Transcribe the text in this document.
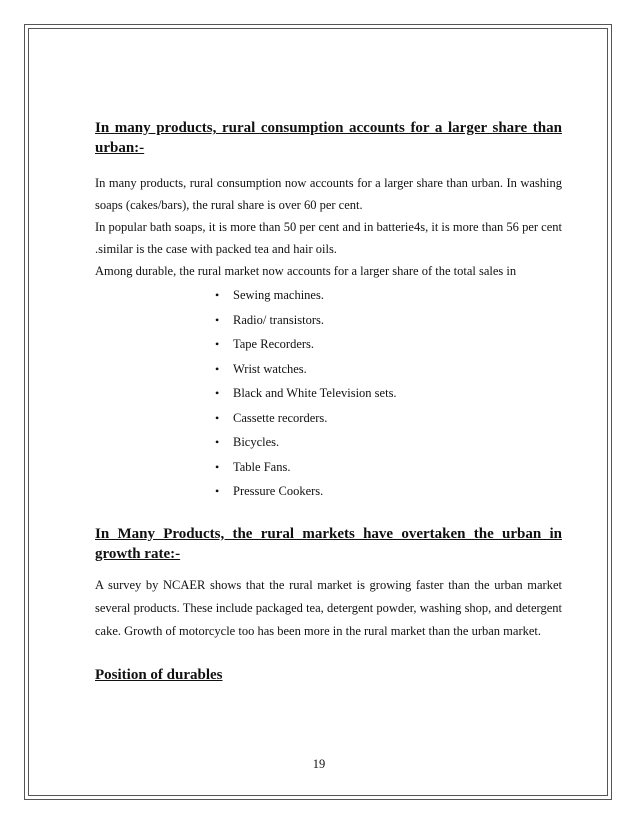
In many products, rural consumption accounts for a larger share than urban:-

In many products, rural consumption now accounts for a larger share than urban. In washing soaps (cakes/bars), the rural share is over 60 per cent.

In popular bath soaps, it is more than 50 per cent and in batterie4s, it is more than 56 per cent .similar is the case with packed tea and hair oils.

Among durable, the rural market now accounts for a larger share of the total sales in

• Sewing machines.
• Radio/ transistors.
• Tape Recorders.
• Wrist watches.
• Black and White Television sets.
• Cassette recorders.
• Bicycles.
• Table Fans.
• Pressure Cookers.

In Many Products, the rural markets have overtaken the urban in growth rate:-

A survey by NCAER shows that the rural market is growing faster than the urban market several products. These include packaged tea, detergent powder, washing shop, and detergent cake. Growth of motorcycle too has been more in the rural market than the urban market.

Position of durables

19
